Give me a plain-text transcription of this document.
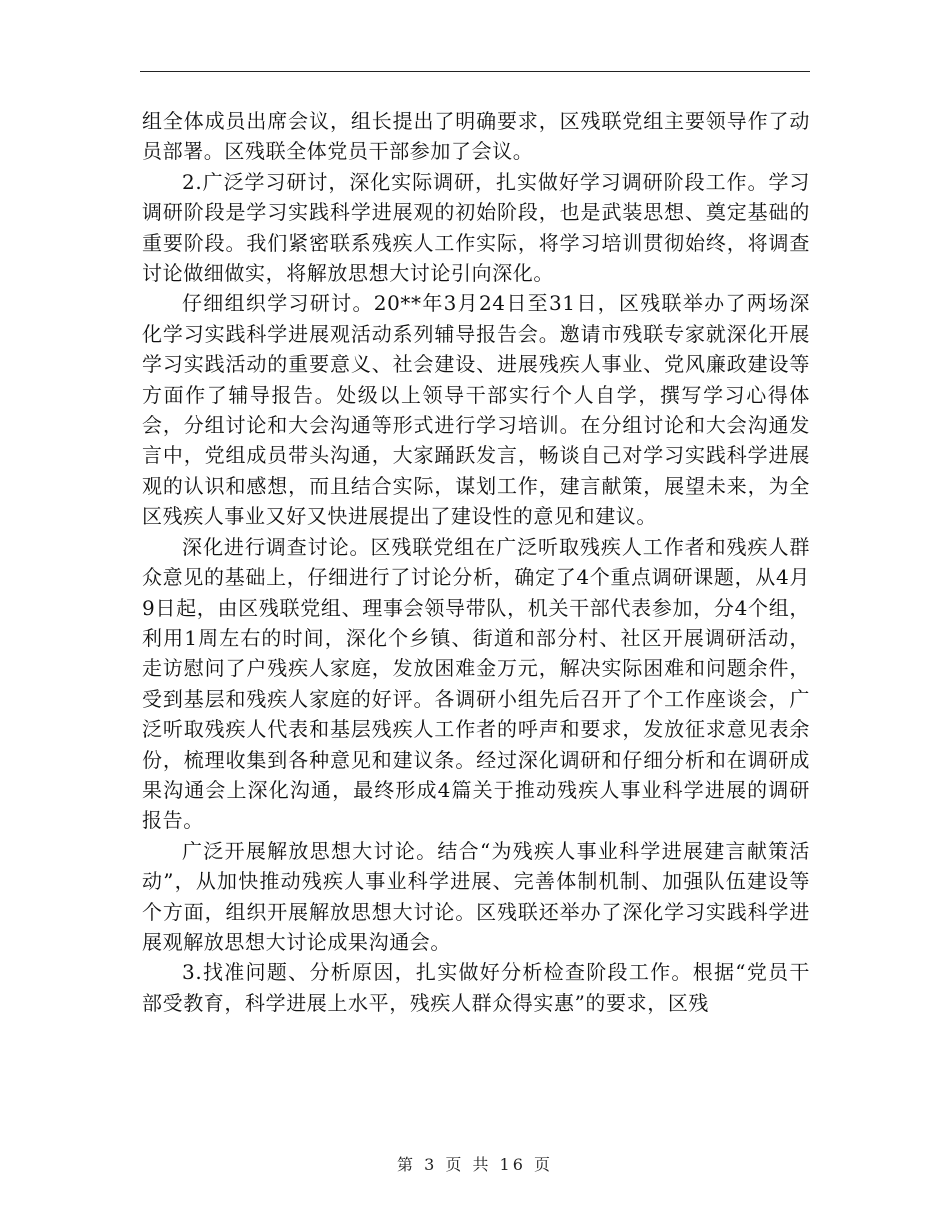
组全体成员出席会议，组长提出了明确要求，区残联党组主要领导作了动员部署。区残联全体党员干部参加了会议。

2.广泛学习研讨，深化实际调研，扎实做好学习调研阶段工作。学习调研阶段是学习实践科学进展观的初始阶段，也是武装思想、奠定基础的重要阶段。我们紧密联系残疾人工作实际，将学习培训贯彻始终，将调查讨论做细做实，将解放思想大讨论引向深化。

仔细组织学习研讨。20**年3月24日至31日，区残联举办了两场深化学习实践科学进展观活动系列辅导报告会。邀请市残联专家就深化开展学习实践活动的重要意义、社会建设、进展残疾人事业、党风廉政建设等方面作了辅导报告。处级以上领导干部实行个人自学，撰写学习心得体会，分组讨论和大会沟通等形式进行学习培训。在分组讨论和大会沟通发言中，党组成员带头沟通，大家踊跃发言，畅谈自己对学习实践科学进展观的认识和感想，而且结合实际，谋划工作，建言献策，展望未来，为全区残疾人事业又好又快进展提出了建设性的意见和建议。

深化进行调查讨论。区残联党组在广泛听取残疾人工作者和残疾人群众意见的基础上，仔细进行了讨论分析，确定了4个重点调研课题，从4月9日起，由区残联党组、理事会领导带队，机关干部代表参加，分4个组，利用1周左右的时间，深化个乡镇、街道和部分村、社区开展调研活动，走访慰问了户残疾人家庭，发放困难金万元，解决实际困难和问题余件，受到基层和残疾人家庭的好评。各调研小组先后召开了个工作座谈会，广泛听取残疾人代表和基层残疾人工作者的呼声和要求，发放征求意见表余份，梳理收集到各种意见和建议条。经过深化调研和仔细分析和在调研成果沟通会上深化沟通，最终形成4篇关于推动残疾人事业科学进展的调研报告。

广泛开展解放思想大讨论。结合“为残疾人事业科学进展建言献策活动”，从加快推动残疾人事业科学进展、完善体制机制、加强队伍建设等个方面，组织开展解放思想大讨论。区残联还举办了深化学习实践科学进展观解放思想大讨论成果沟通会。

3.找准问题、分析原因，扎实做好分析检查阶段工作。根据“党员干部受教育，科学进展上水平，残疾人群众得实惠”的要求，区残

第 3 页 共 16 页
